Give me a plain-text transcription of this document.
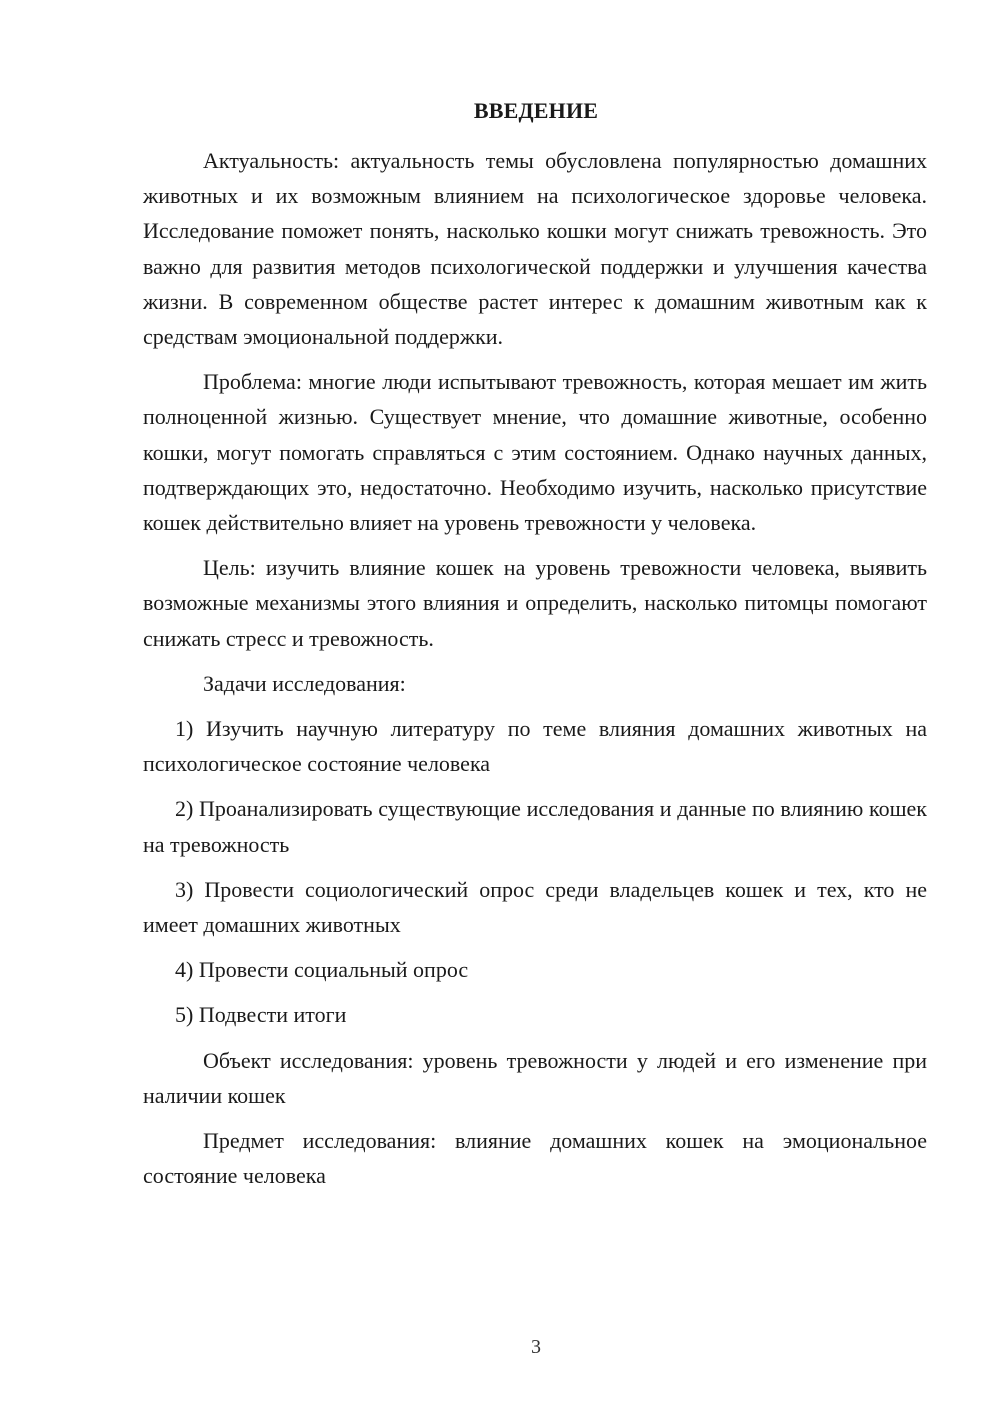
ВВЕДЕНИЕ

Актуальность: актуальность темы обусловлена популярностью домашних животных и их возможным влиянием на психологическое здоровье человека. Исследование поможет понять, насколько кошки могут снижать тревожность. Это важно для развития методов психологической поддержки и улучшения качества жизни. В современном обществе растет интерес к домашним животным как к средствам эмоциональной поддержки.

Проблема: многие люди испытывают тревожность, которая мешает им жить полноценной жизнью. Существует мнение, что домашние животные, особенно кошки, могут помогать справляться с этим состоянием. Однако научных данных, подтверждающих это, недостаточно. Необходимо изучить, насколько присутствие кошек действительно влияет на уровень тревожности у человека.

Цель: изучить влияние кошек на уровень тревожности человека, выявить возможные механизмы этого влияния и определить, насколько питомцы помогают снижать стресс и тревожность.

Задачи исследования:

1) Изучить научную литературу по теме влияния домашних животных на психологическое состояние человека

2) Проанализировать существующие исследования и данные по влиянию кошек на тревожность

3) Провести социологический опрос среди владельцев кошек и тех, кто не имеет домашних животных

4) Провести социальный опрос

5) Подвести итоги

Объект исследования: уровень тревожности у людей и его изменение при наличии кошек

Предмет исследования: влияние домашних кошек на эмоциональное состояние человека

3
